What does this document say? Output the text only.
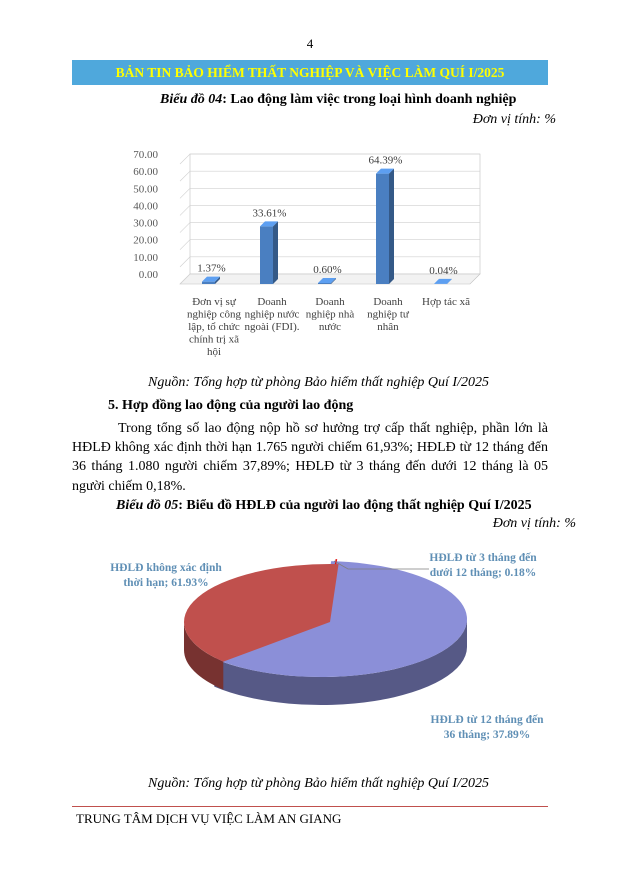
4
BẢN TIN BẢO HIỂM THẤT NGHIỆP VÀ VIỆC LÀM QUÍ I/2025
Biểu đồ 04: Lao động làm việc trong loại hình doanh nghiệp
Đơn vị tính: %
0.00
10.00
20.00
30.00
40.00
50.00
60.00
70.00
1.37%
Đơn vị sự
nghiệp công
lập, tổ chức
chính trị xã
hội
33.61%
Doanh
nghiệp nước
ngoài (FDI).
0.60%
Doanh
nghiệp nhà
nước
64.39%
Doanh
nghiệp tư
nhân
0.04%
Hợp tác xã
Nguồn: Tổng hợp từ phòng Bảo hiểm thất nghiệp Quí I/2025
5. Hợp đồng lao động của người lao động
Trong tổng số lao động nộp hồ sơ hưởng trợ cấp thất nghiệp, phần lớn là
HĐLĐ không xác định thời hạn 1.765 người chiếm 61,93%; HĐLĐ từ 12 tháng đến
36 tháng 1.080 người chiếm 37,89%; HĐLĐ từ 3 tháng đến dưới 12 tháng là 05
người chiếm 0,18%.
Biểu đồ 05: Biểu đồ HĐLĐ của người lao động thất nghiệp Quí I/2025
Đơn vị tính: %
HĐLĐ không xác định
thời hạn; 61.93%
HĐLĐ từ 12 tháng đến
36 tháng; 37.89%
HĐLĐ từ 3 tháng đến
dưới 12 tháng; 0.18%
Nguồn: Tổng hợp từ phòng Bảo hiểm thất nghiệp Quí I/2025
TRUNG TÂM DỊCH VỤ VIỆC LÀM AN GIANG
